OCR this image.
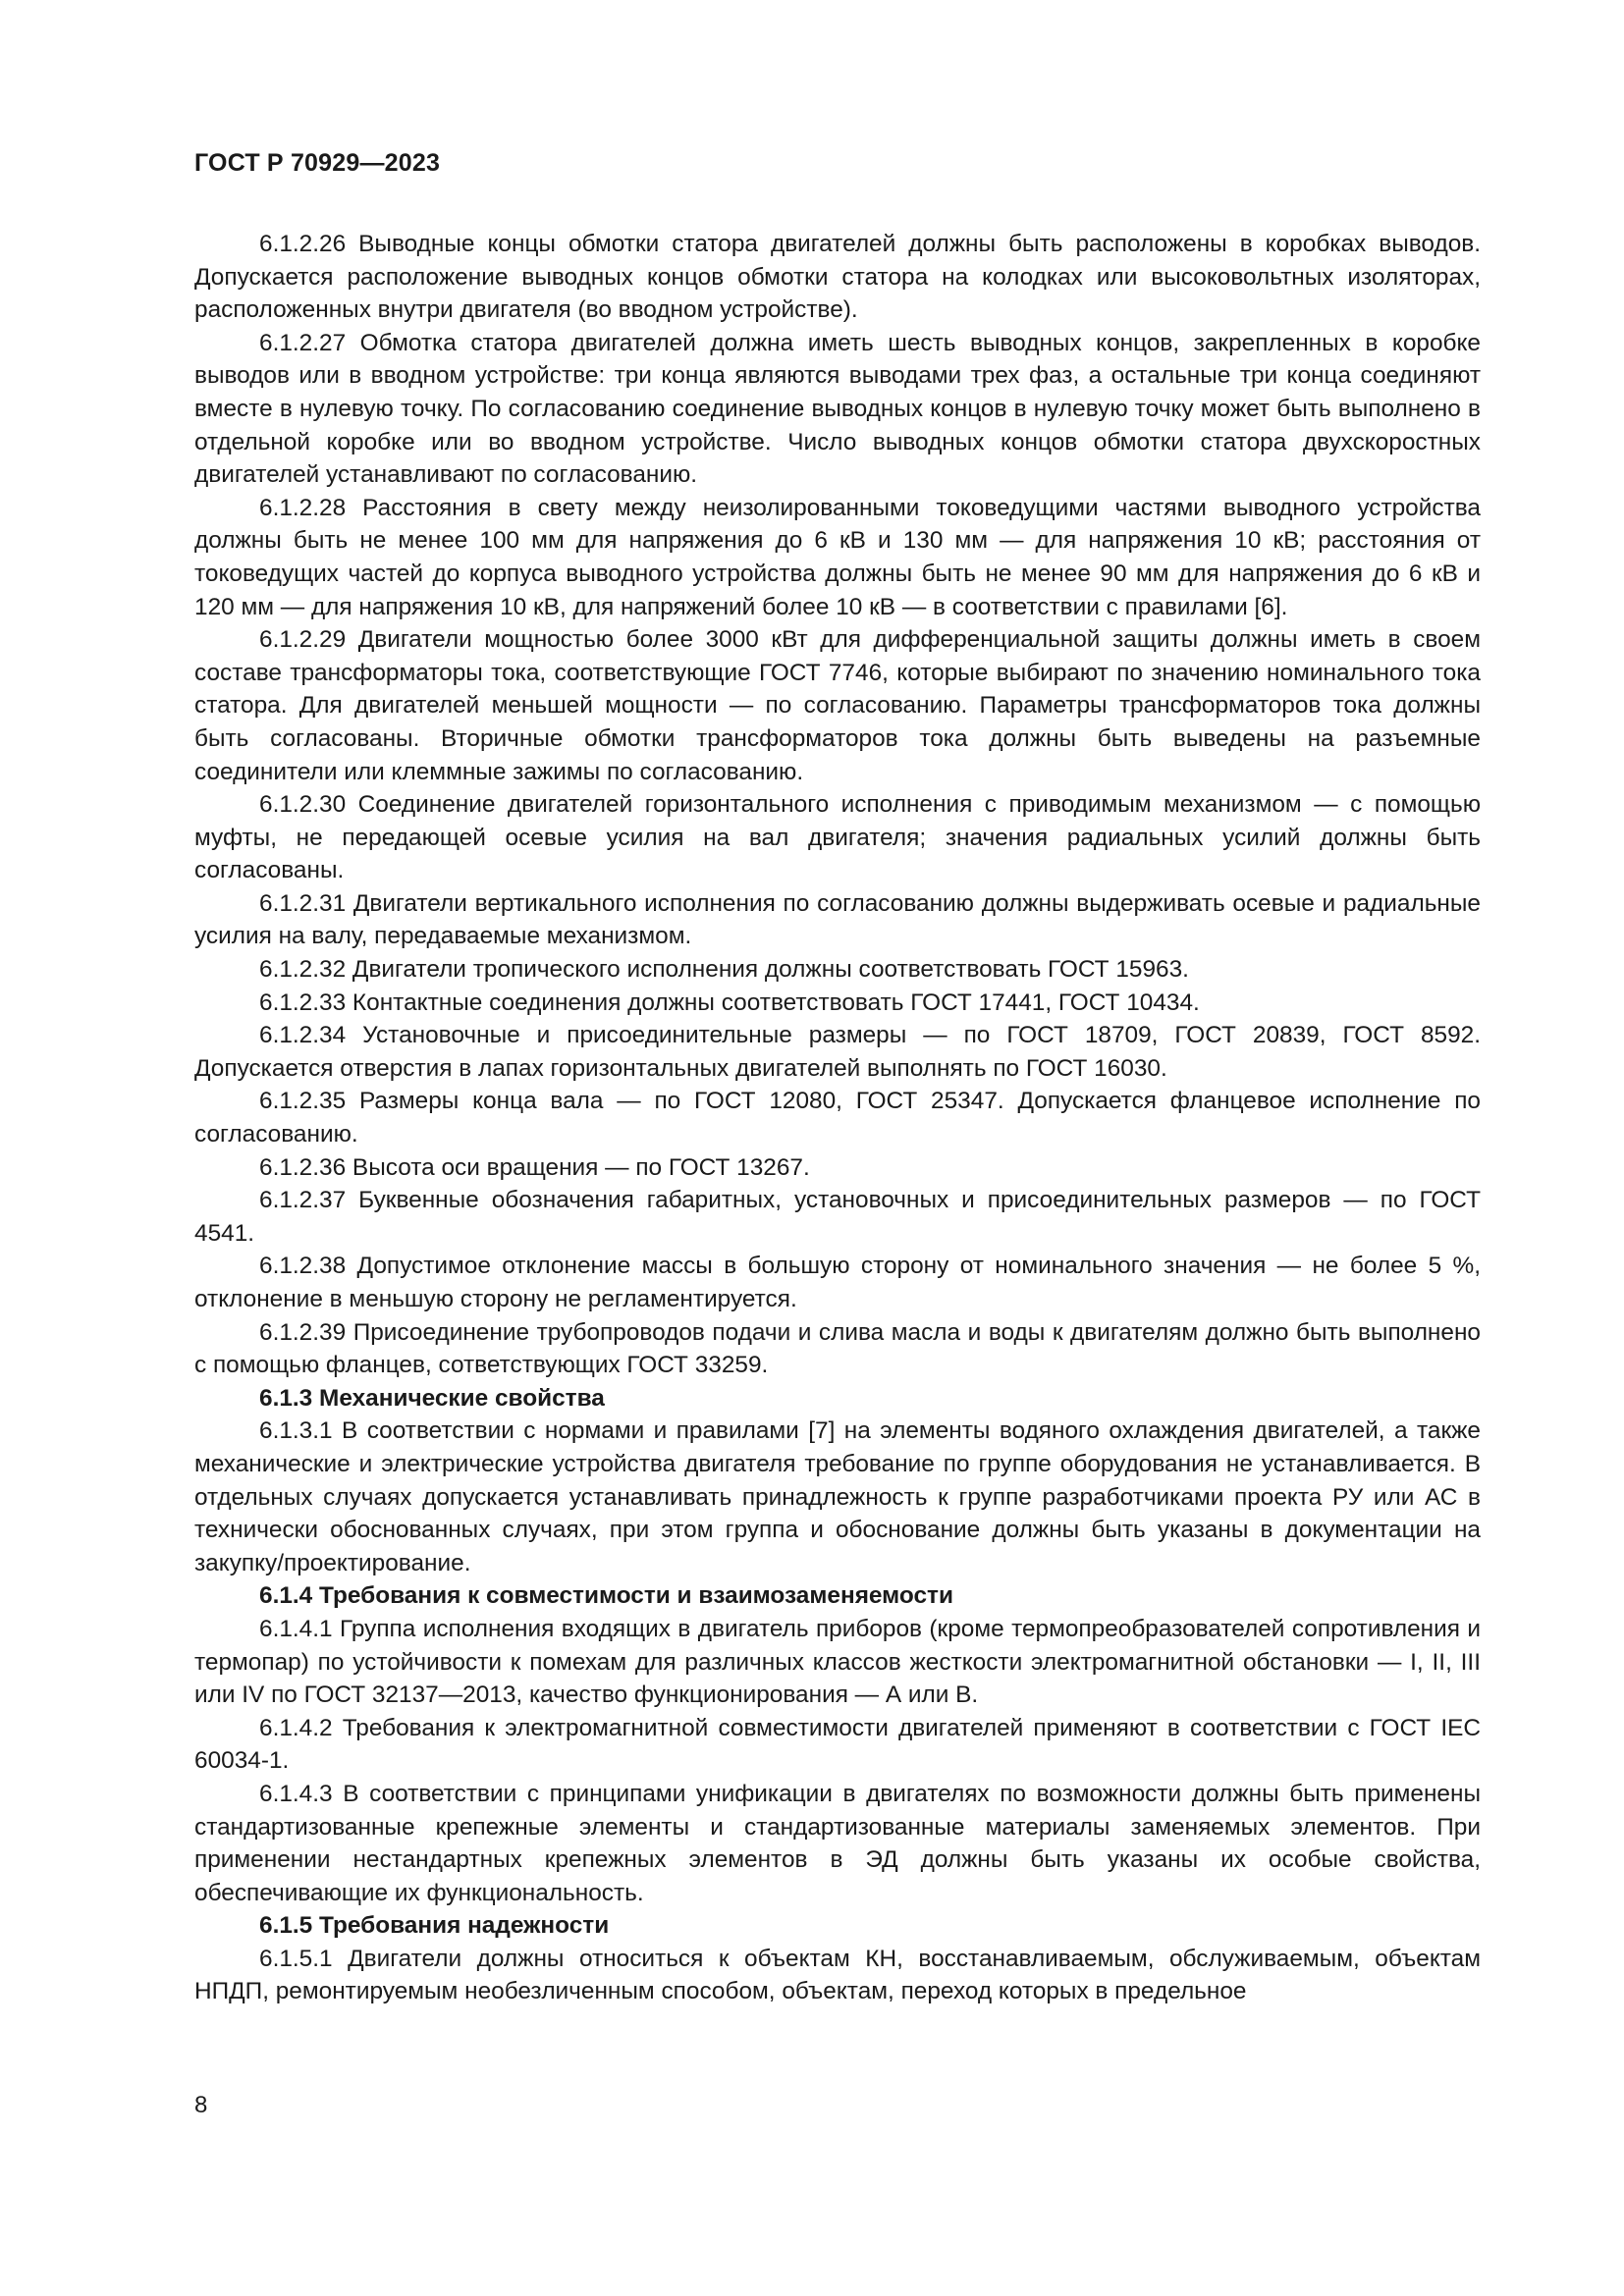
ГОСТ Р 70929—2023

6.1.2.26 Выводные концы обмотки статора двигателей должны быть расположены в коробках выводов. Допускается расположение выводных концов обмотки статора на колодках или высоковольтных изоляторах, расположенных внутри двигателя (во вводном устройстве).

6.1.2.27 Обмотка статора двигателей должна иметь шесть выводных концов, закрепленных в коробке выводов или в вводном устройстве: три конца являются выводами трех фаз, а остальные три конца соединяют вместе в нулевую точку. По согласованию соединение выводных концов в нулевую точку может быть выполнено в отдельной коробке или во вводном устройстве. Число выводных концов обмотки статора двухскоростных двигателей устанавливают по согласованию.

6.1.2.28 Расстояния в свету между неизолированными токоведущими частями выводного устройства должны быть не менее 100 мм для напряжения до 6 кВ и 130 мм — для напряжения 10 кВ; расстояния от токоведущих частей до корпуса выводного устройства должны быть не менее 90 мм для напряжения до 6 кВ и 120 мм — для напряжения 10 кВ, для напряжений более 10 кВ — в соответствии с правилами [6].

6.1.2.29 Двигатели мощностью более 3000 кВт для дифференциальной защиты должны иметь в своем составе трансформаторы тока, соответствующие ГОСТ 7746, которые выбирают по значению номинального тока статора. Для двигателей меньшей мощности — по согласованию. Параметры трансформаторов тока должны быть согласованы. Вторичные обмотки трансформаторов тока должны быть выведены на разъемные соединители или клеммные зажимы по согласованию.

6.1.2.30 Соединение двигателей горизонтального исполнения с приводимым механизмом — с помощью муфты, не передающей осевые усилия на вал двигателя; значения радиальных усилий должны быть согласованы.

6.1.2.31 Двигатели вертикального исполнения по согласованию должны выдерживать осевые и радиальные усилия на валу, передаваемые механизмом.

6.1.2.32 Двигатели тропического исполнения должны соответствовать ГОСТ 15963.

6.1.2.33 Контактные соединения должны соответствовать ГОСТ 17441, ГОСТ 10434.

6.1.2.34 Установочные и присоединительные размеры — по ГОСТ 18709, ГОСТ 20839, ГОСТ 8592. Допускается отверстия в лапах горизонтальных двигателей выполнять по ГОСТ 16030.

6.1.2.35 Размеры конца вала — по ГОСТ 12080, ГОСТ 25347. Допускается фланцевое исполнение по согласованию.

6.1.2.36 Высота оси вращения — по ГОСТ 13267.

6.1.2.37 Буквенные обозначения габаритных, установочных и присоединительных размеров — по ГОСТ 4541.

6.1.2.38 Допустимое отклонение массы в большую сторону от номинального значения — не более 5 %, отклонение в меньшую сторону не регламентируется.

6.1.2.39 Присоединение трубопроводов подачи и слива масла и воды к двигателям должно быть выполнено с помощью фланцев, сответствующих ГОСТ 33259.

6.1.3 Механические свойства

6.1.3.1 В соответствии с нормами и правилами [7] на элементы водяного охлаждения двигателей, а также механические и электрические устройства двигателя требование по группе оборудования не устанавливается. В отдельных случаях допускается устанавливать принадлежность к группе разработчиками проекта РУ или АС в технически обоснованных случаях, при этом группа и обоснование должны быть указаны в документации на закупку/проектирование.

6.1.4 Требования к совместимости и взаимозаменяемости

6.1.4.1 Группа исполнения входящих в двигатель приборов (кроме термопреобразователей сопротивления и термопар) по устойчивости к помехам для различных классов жесткости электромагнитной обстановки — I, II, III или IV по ГОСТ 32137—2013, качество функционирования — А или В.

6.1.4.2 Требования к электромагнитной совместимости двигателей применяют в соответствии с ГОСТ IEC 60034-1.

6.1.4.3 В соответствии с принципами унификации в двигателях по возможности должны быть применены стандартизованные крепежные элементы и стандартизованные материалы заменяемых элементов. При применении нестандартных крепежных элементов в ЭД должны быть указаны их особые свойства, обеспечивающие их функциональность.

6.1.5 Требования надежности

6.1.5.1 Двигатели должны относиться к объектам КН, восстанавливаемым, обслуживаемым, объектам НПДП, ремонтируемым необезличенным способом, объектам, переход которых в предельное

8
